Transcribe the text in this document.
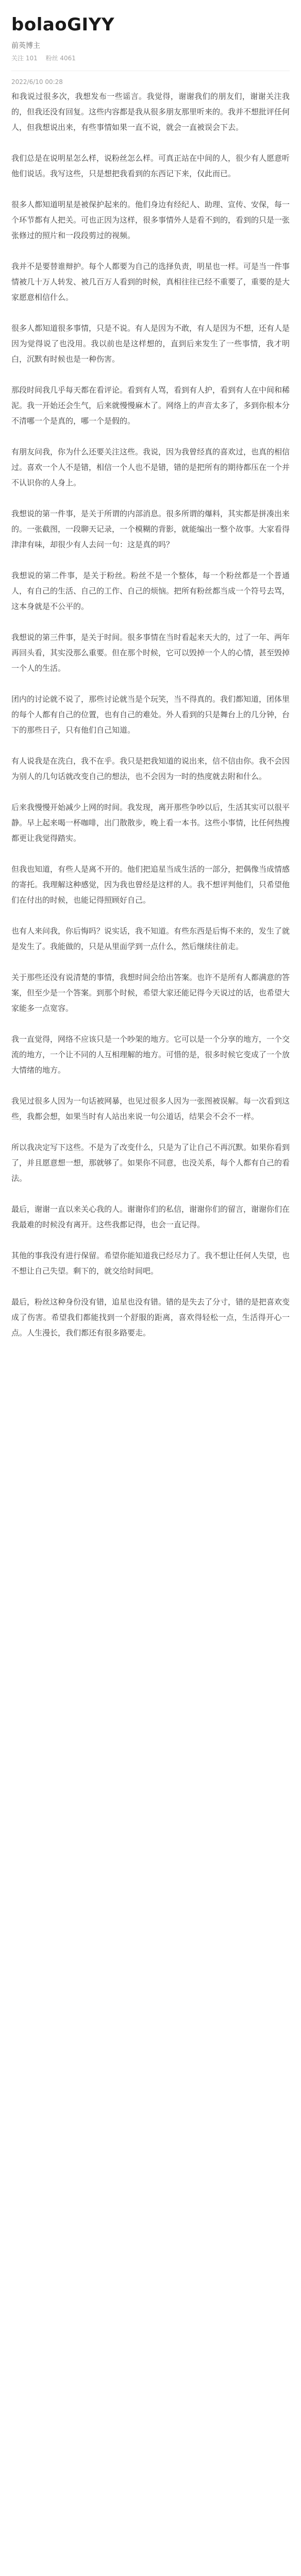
bolaoGIYY
前英博主
关注 101 粉丝 4061
2022/6/10 00:28

和我说过很多次，我想发布一些谣言。我觉得，谢谢我们的朋友们，谢谢关注我的，但我还没有回复。这些内容都是我从很多朋友那里听来的。我并不想批评任何人，但我想说出来，有些事情如果一直不说，就会一直被误会下去。

我们总是在说明星怎么样，说粉丝怎么样。可真正站在中间的人，很少有人愿意听他们说话。我写这些，只是想把我看到的东西记下来，仅此而已。

很多人都知道明星是被保护起来的。他们身边有经纪人、助理、宣传、安保，每一个环节都有人把关。可也正因为这样，很多事情外人是看不到的，看到的只是一张张修过的照片和一段段剪过的视频。

我并不是要替谁辩护。每个人都要为自己的选择负责，明星也一样。可是当一件事情被几十万人转发、被几百万人看到的时候，真相往往已经不重要了，重要的是大家愿意相信什么。

很多人都知道很多事情，只是不说。有人是因为不敢，有人是因为不想，还有人是因为觉得说了也没用。我以前也是这样想的，直到后来发生了一些事情，我才明白，沉默有时候也是一种伤害。

那段时间我几乎每天都在看评论。看到有人骂，看到有人护，看到有人在中间和稀泥。我一开始还会生气，后来就慢慢麻木了。网络上的声音太多了，多到你根本分不清哪一个是真的，哪一个是假的。

有朋友问我，你为什么还要关注这些。我说，因为我曾经真的喜欢过，也真的相信过。喜欢一个人不是错，相信一个人也不是错，错的是把所有的期待都压在一个并不认识你的人身上。

我想说的第一件事，是关于所谓的内部消息。很多所谓的爆料，其实都是拼凑出来的。一张截图，一段聊天记录，一个模糊的背影，就能编出一整个故事。大家看得津津有味，却很少有人去问一句：这是真的吗？

我想说的第二件事，是关于粉丝。粉丝不是一个整体，每一个粉丝都是一个普通人，有自己的生活、自己的工作、自己的烦恼。把所有粉丝都当成一个符号去骂，这本身就是不公平的。

我想说的第三件事，是关于时间。很多事情在当时看起来天大的，过了一年、两年再回头看，其实没那么重要。但在那个时候，它可以毁掉一个人的心情，甚至毁掉一个人的生活。

团内的讨论就不说了，那些讨论就当是个玩笑，当不得真的。我们都知道，团体里的每个人都有自己的位置，也有自己的难处。外人看到的只是舞台上的几分钟，台下的那些日子，只有他们自己知道。

有人说我是在洗白，我不在乎。我只是把我知道的说出来，信不信由你。我不会因为别人的几句话就改变自己的想法，也不会因为一时的热度就去附和什么。

后来我慢慢开始减少上网的时间。我发现，离开那些争吵以后，生活其实可以很平静。早上起来喝一杯咖啡，出门散散步，晚上看一本书。这些小事情，比任何热搜都更让我觉得踏实。

但我也知道，有些人是离不开的。他们把追星当成生活的一部分，把偶像当成情感的寄托。我理解这种感觉，因为我也曾经是这样的人。我不想评判他们，只希望他们在付出的时候，也能记得照顾好自己。

也有人来问我，你后悔吗？说实话，我不知道。有些东西是后悔不来的，发生了就是发生了。我能做的，只是从里面学到一点什么，然后继续往前走。

关于那些还没有说清楚的事情，我想时间会给出答案。也许不是所有人都满意的答案，但至少是一个答案。到那个时候，希望大家还能记得今天说过的话，也希望大家能多一点宽容。

我一直觉得，网络不应该只是一个吵架的地方。它可以是一个分享的地方，一个交流的地方，一个让不同的人互相理解的地方。可惜的是，很多时候它变成了一个放大情绪的地方。

我见过很多人因为一句话被网暴，也见过很多人因为一张图被误解。每一次看到这些，我都会想，如果当时有人站出来说一句公道话，结果会不会不一样。

所以我决定写下这些。不是为了改变什么，只是为了让自己不再沉默。如果你看到了，并且愿意想一想，那就够了。如果你不同意，也没关系，每个人都有自己的看法。

最后，谢谢一直以来关心我的人。谢谢你们的私信，谢谢你们的留言，谢谢你们在我最难的时候没有离开。这些我都记得，也会一直记得。

其他的事我没有进行保留。希望你能知道我已经尽力了。我不想让任何人失望，也不想让自己失望。剩下的，就交给时间吧。

最后，粉丝这种身份没有错，追星也没有错。错的是失去了分寸，错的是把喜欢变成了伤害。希望我们都能找到一个舒服的距离，喜欢得轻松一点，生活得开心一点。人生漫长，我们都还有很多路要走。
